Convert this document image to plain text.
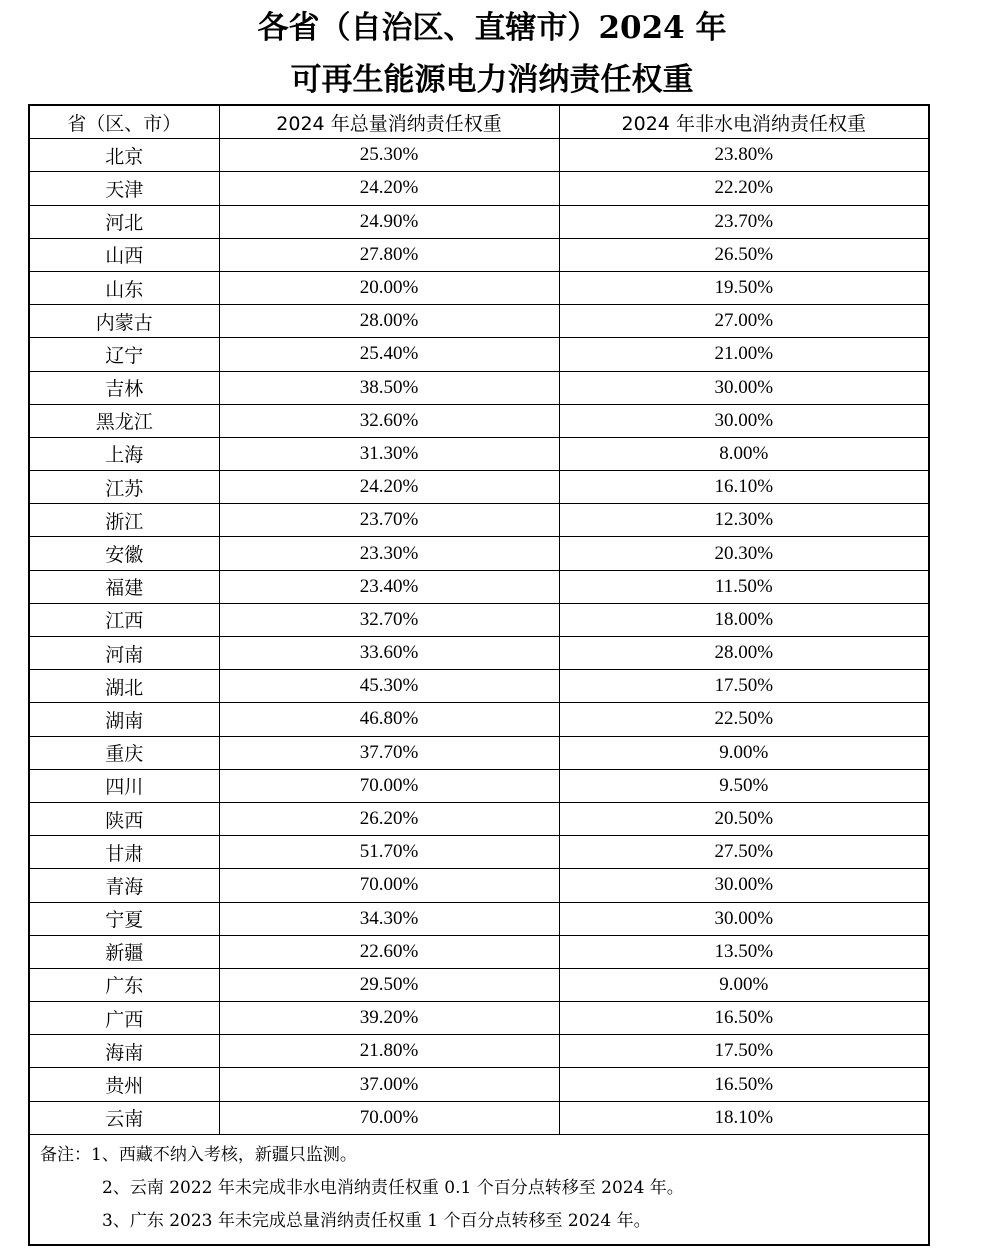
各省（自治区、直辖市）2024 年
可再生能源电力消纳责任权重
省（区、市）	2024 年总量消纳责任权重	2024 年非水电消纳责任权重
北京	25.30%	23.80%
天津	24.20%	22.20%
河北	24.90%	23.70%
山西	27.80%	26.50%
山东	20.00%	19.50%
内蒙古	28.00%	27.00%
辽宁	25.40%	21.00%
吉林	38.50%	30.00%
黑龙江	32.60%	30.00%
上海	31.30%	8.00%
江苏	24.20%	16.10%
浙江	23.70%	12.30%
安徽	23.30%	20.30%
福建	23.40%	11.50%
江西	32.70%	18.00%
河南	33.60%	28.00%
湖北	45.30%	17.50%
湖南	46.80%	22.50%
重庆	37.70%	9.00%
四川	70.00%	9.50%
陕西	26.20%	20.50%
甘肃	51.70%	27.50%
青海	70.00%	30.00%
宁夏	34.30%	30.00%
新疆	22.60%	13.50%
广东	29.50%	9.00%
广西	39.20%	16.50%
海南	21.80%	17.50%
贵州	37.00%	16.50%
云南	70.00%	18.10%

备注：1、西藏不纳入考核，新疆只监测。
2、云南 2022 年未完成非水电消纳责任权重 0.1 个百分点转移至 2024 年。
3、广东 2023 年未完成总量消纳责任权重 1 个百分点转移至 2024 年。		
